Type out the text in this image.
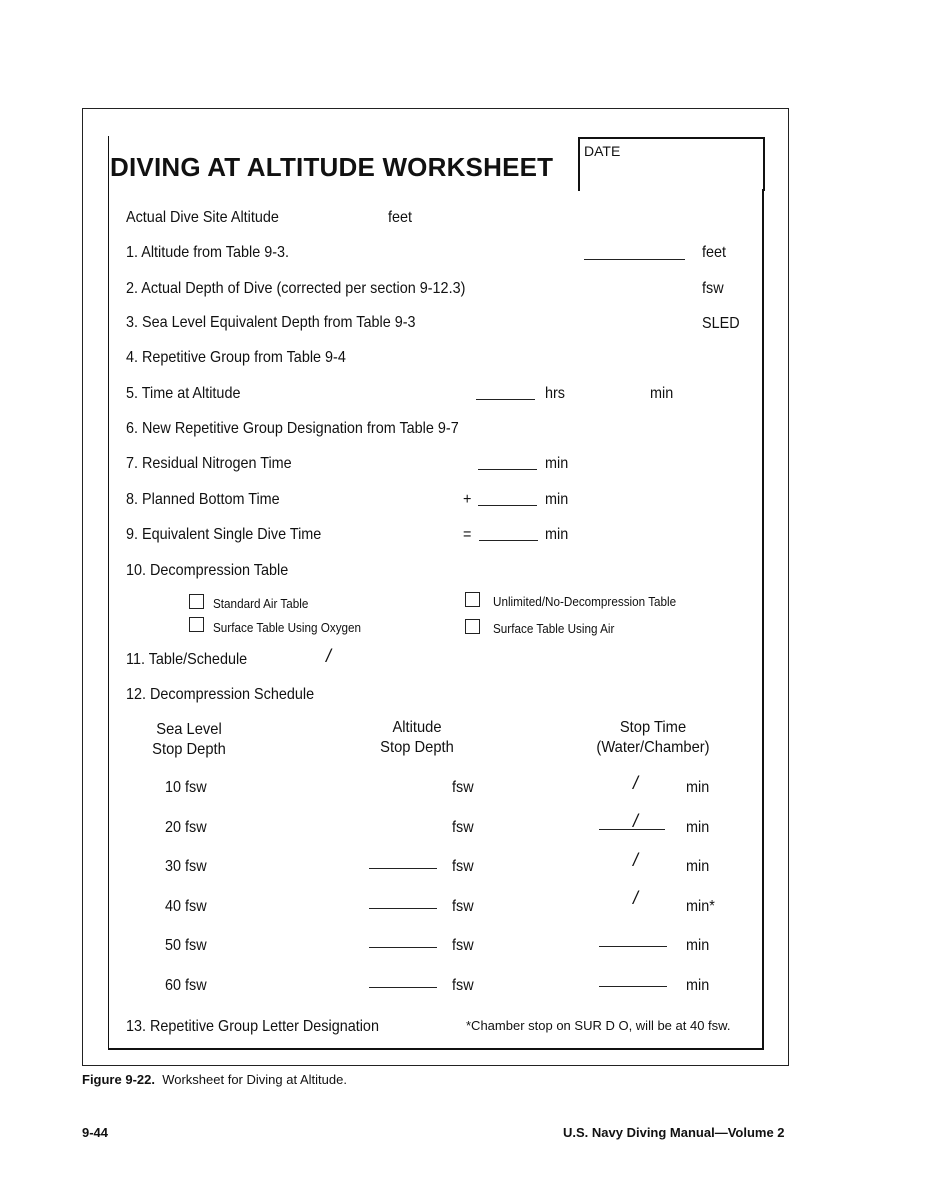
DATE
DIVING AT ALTITUDE WORKSHEET
Actual Dive Site Altitude	feet
1. Altitude from Table 9-3.	feet
2. Actual Depth of Dive (corrected per section 9-12.3)	fsw
3. Sea Level Equivalent Depth from Table 9-3	SLED
4. Repetitive Group from Table 9-4
5. Time at Altitude	hrs	min
6. New Repetitive Group Designation from Table 9-7
7. Residual Nitrogen Time	min
8. Planned Bottom Time	+	min
9. Equivalent Single Dive Time	=	min
10. Decompression Table
Standard Air Table
Surface Table Using Oxygen
Unlimited/No-Decompression Table
Surface Table Using Air
11. Table/Schedule	/
12. Decompression Schedule
Sea Level
Stop Depth
Altitude
Stop Depth
Stop Time
(Water/Chamber)
10 fsw	fsw	/	min
20 fsw	fsw	/	min
30 fsw	fsw	/	min
40 fsw	fsw	/	min*
50 fsw	fsw	min
60 fsw	fsw	min
13. Repetitive Group Letter Designation	*Chamber stop on SUR D O, will be at 40 fsw.
Figure 9-22. Worksheet for Diving at Altitude.
9-44	U.S. Navy Diving Manual—Volume 2
